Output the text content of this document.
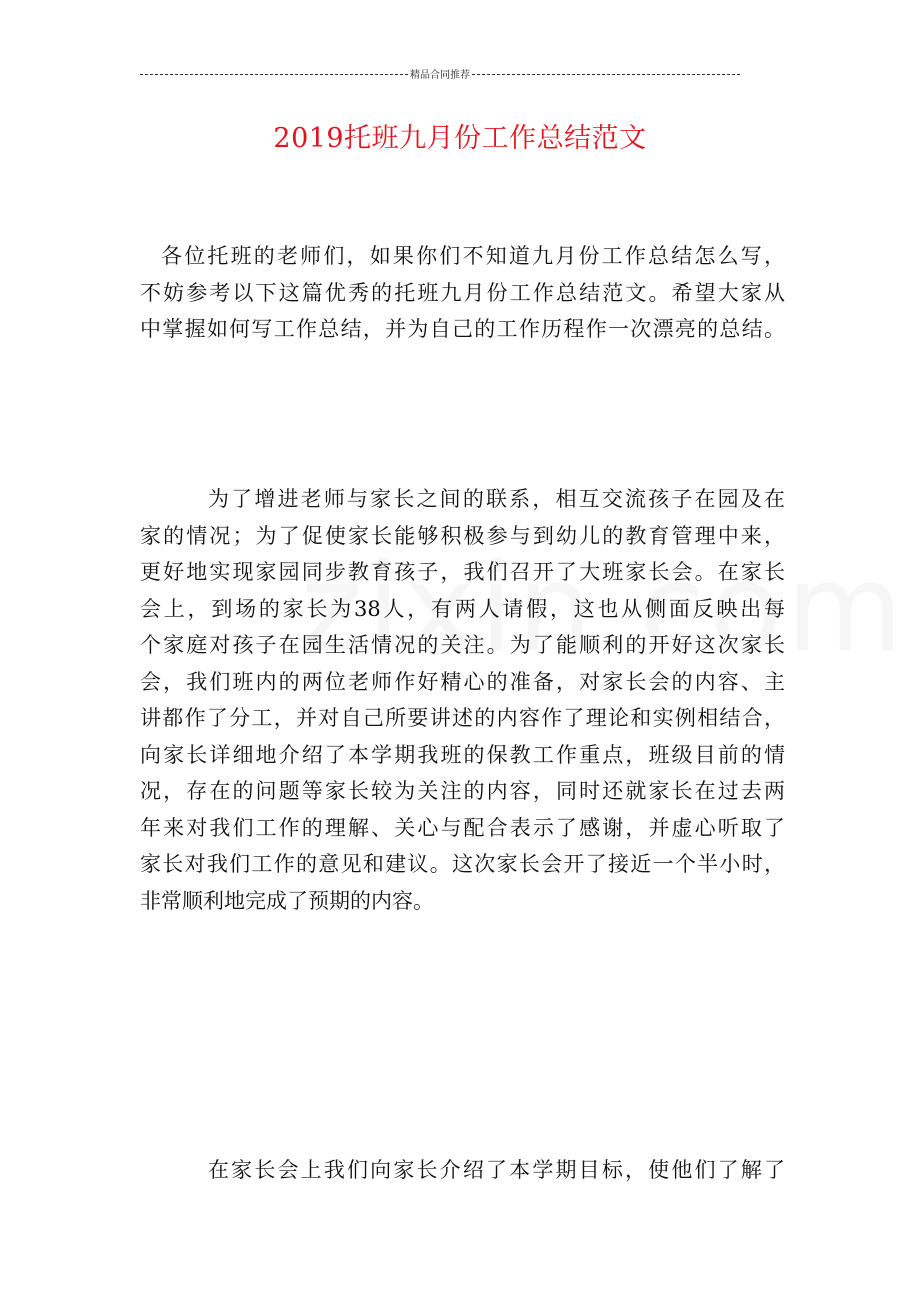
精品合同推荐
2019托班九月份工作总结范文
各位托班的老师们，如果你们不知道九月份工作总结怎么写，
不妨参考以下这篇优秀的托班九月份工作总结范文。希望大家从
中掌握如何写工作总结，并为自己的工作历程作一次漂亮的总结。
为了增进老师与家长之间的联系，相互交流孩子在园及在
家的情况；为了促使家长能够积极参与到幼儿的教育管理中来，
更好地实现家园同步教育孩子，我们召开了大班家长会。在家长
会上，到场的家长为38人，有两人请假，这也从侧面反映出每
个家庭对孩子在园生活情况的关注。为了能顺利的开好这次家长
会，我们班内的两位老师作好精心的准备，对家长会的内容、主
讲都作了分工，并对自己所要讲述的内容作了理论和实例相结合，
向家长详细地介绍了本学期我班的保教工作重点，班级目前的情
况，存在的问题等家长较为关注的内容，同时还就家长在过去两
年来对我们工作的理解、关心与配合表示了感谢，并虚心听取了
家长对我们工作的意见和建议。这次家长会开了接近一个半小时，
非常顺利地完成了预期的内容。
在家长会上我们向家长介绍了本学期目标，使他们了解了
